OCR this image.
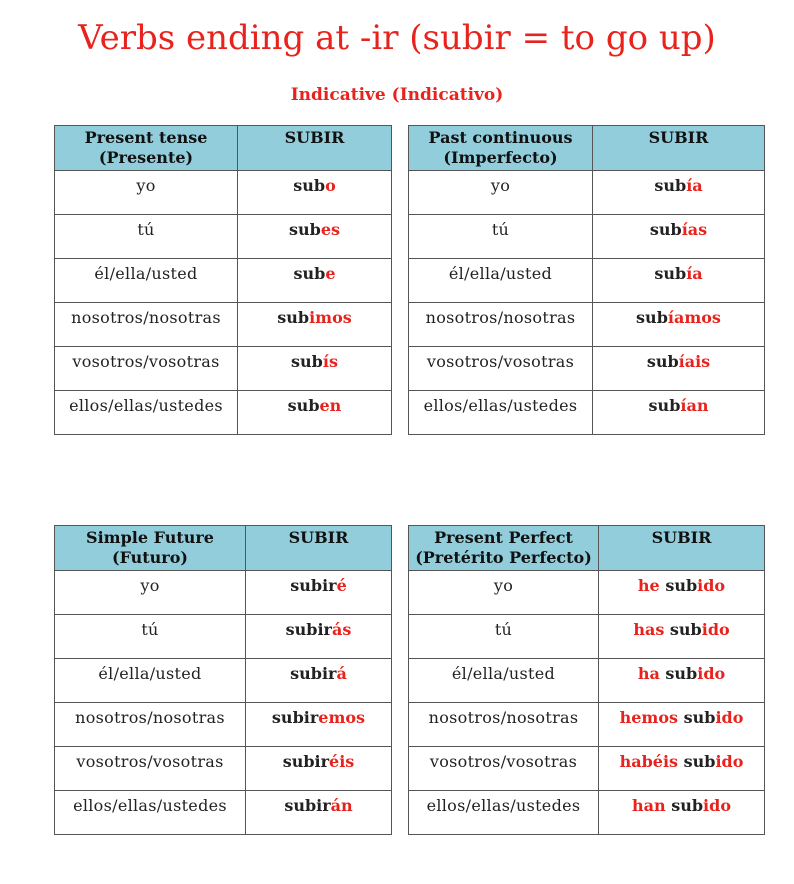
Verbs ending at -ir (subir = to go up)
Indicative (Indicativo)
Present tense
(Presente)	SUBIR
yo	subo
tú	subes
él/ella/usted	sube
nosotros/nosotras	subimos
vosotros/vosotras	subís
ellos/ellas/ustedes	suben
Past continuous
(Imperfecto)	SUBIR
yo	subía
tú	subías
él/ella/usted	subía
nosotros/nosotras	subíamos
vosotros/vosotras	subíais
ellos/ellas/ustedes	subían
Simple Future
(Futuro)	SUBIR
yo	subiré
tú	subirás
él/ella/usted	subirá
nosotros/nosotras	subiremos
vosotros/vosotras	subiréis
ellos/ellas/ustedes	subirán
Present Perfect
(Pretérito Perfecto)	SUBIR
yo	he subido
tú	has subido
él/ella/usted	ha subido
nosotros/nosotras	hemos subido
vosotros/vosotras	habéis subido
ellos/ellas/ustedes	han subido
